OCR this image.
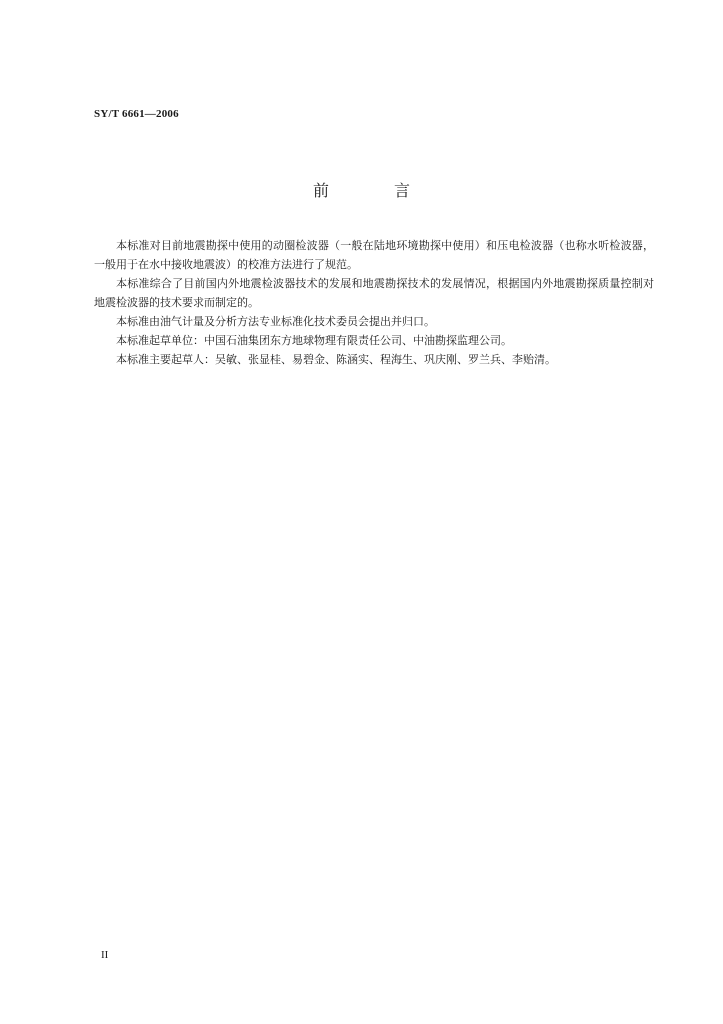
SY/T 6661—2006
前 言

本标准对目前地震勘探中使用的动圈检波器（一般在陆地环境勘探中使用）和压电检波器（也称水听检波器，一般用于在水中接收地震波）的校准方法进行了规范。

本标准综合了目前国内外地震检波器技术的发展和地震勘探技术的发展情况，根据国内外地震勘探质量控制对地震检波器的技术要求而制定的。

本标准由油气计量及分析方法专业标准化技术委员会提出并归口。

本标准起草单位：中国石油集团东方地球物理有限责任公司、中油勘探监理公司。

本标准主要起草人：吴敏、张显桂、易碧金、陈涵实、程海生、巩庆刚、罗兰兵、李贻清。

II
